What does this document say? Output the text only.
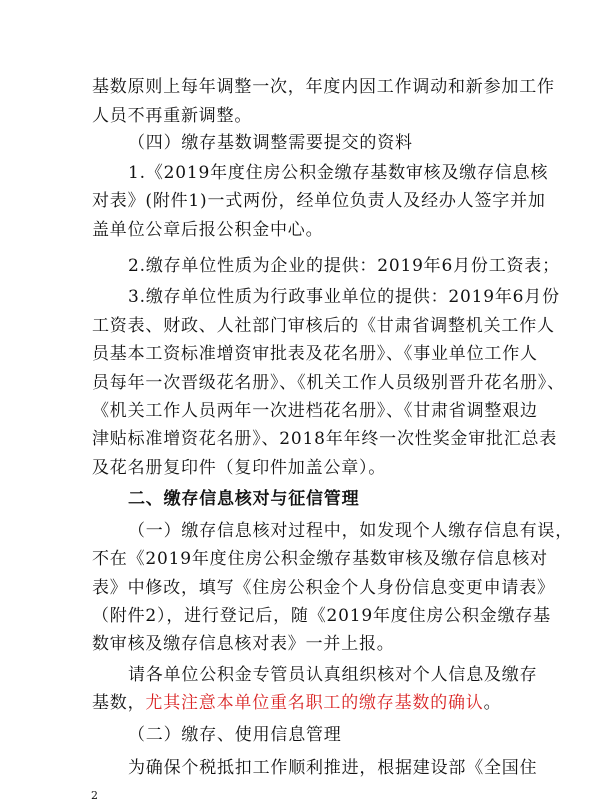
基数原则上每年调整一次，年度内因工作调动和新参加工作
人员不再重新调整。
（四）缴存基数调整需要提交的资料
1.《2019年度住房公积金缴存基数审核及缴存信息核
对表》(附件1)一式两份，经单位负责人及经办人签字并加
盖单位公章后报公积金中心。
2.缴存单位性质为企业的提供：2019年6月份工资表；
3.缴存单位性质为行政事业单位的提供：2019年6月份
工资表、财政、人社部门审核后的《甘肃省调整机关工作人
员基本工资标准增资审批表及花名册》、《事业单位工作人
员每年一次晋级花名册》、《机关工作人员级别晋升花名册》、
《机关工作人员两年一次进档花名册》、《甘肃省调整艰边
津贴标准增资花名册》、2018年年终一次性奖金审批汇总表
及花名册复印件（复印件加盖公章）。
二、缴存信息核对与征信管理
（一）缴存信息核对过程中，如发现个人缴存信息有误，
不在《2019年度住房公积金缴存基数审核及缴存信息核对
表》中修改，填写《住房公积金个人身份信息变更申请表》
（附件2），进行登记后，随《2019年度住房公积金缴存基
数审核及缴存信息核对表》一并上报。
请各单位公积金专管员认真组织核对个人信息及缴存
基数，尤其注意本单位重名职工的缴存基数的确认。
（二）缴存、使用信息管理
为确保个税抵扣工作顺利推进，根据建设部《全国住
2
